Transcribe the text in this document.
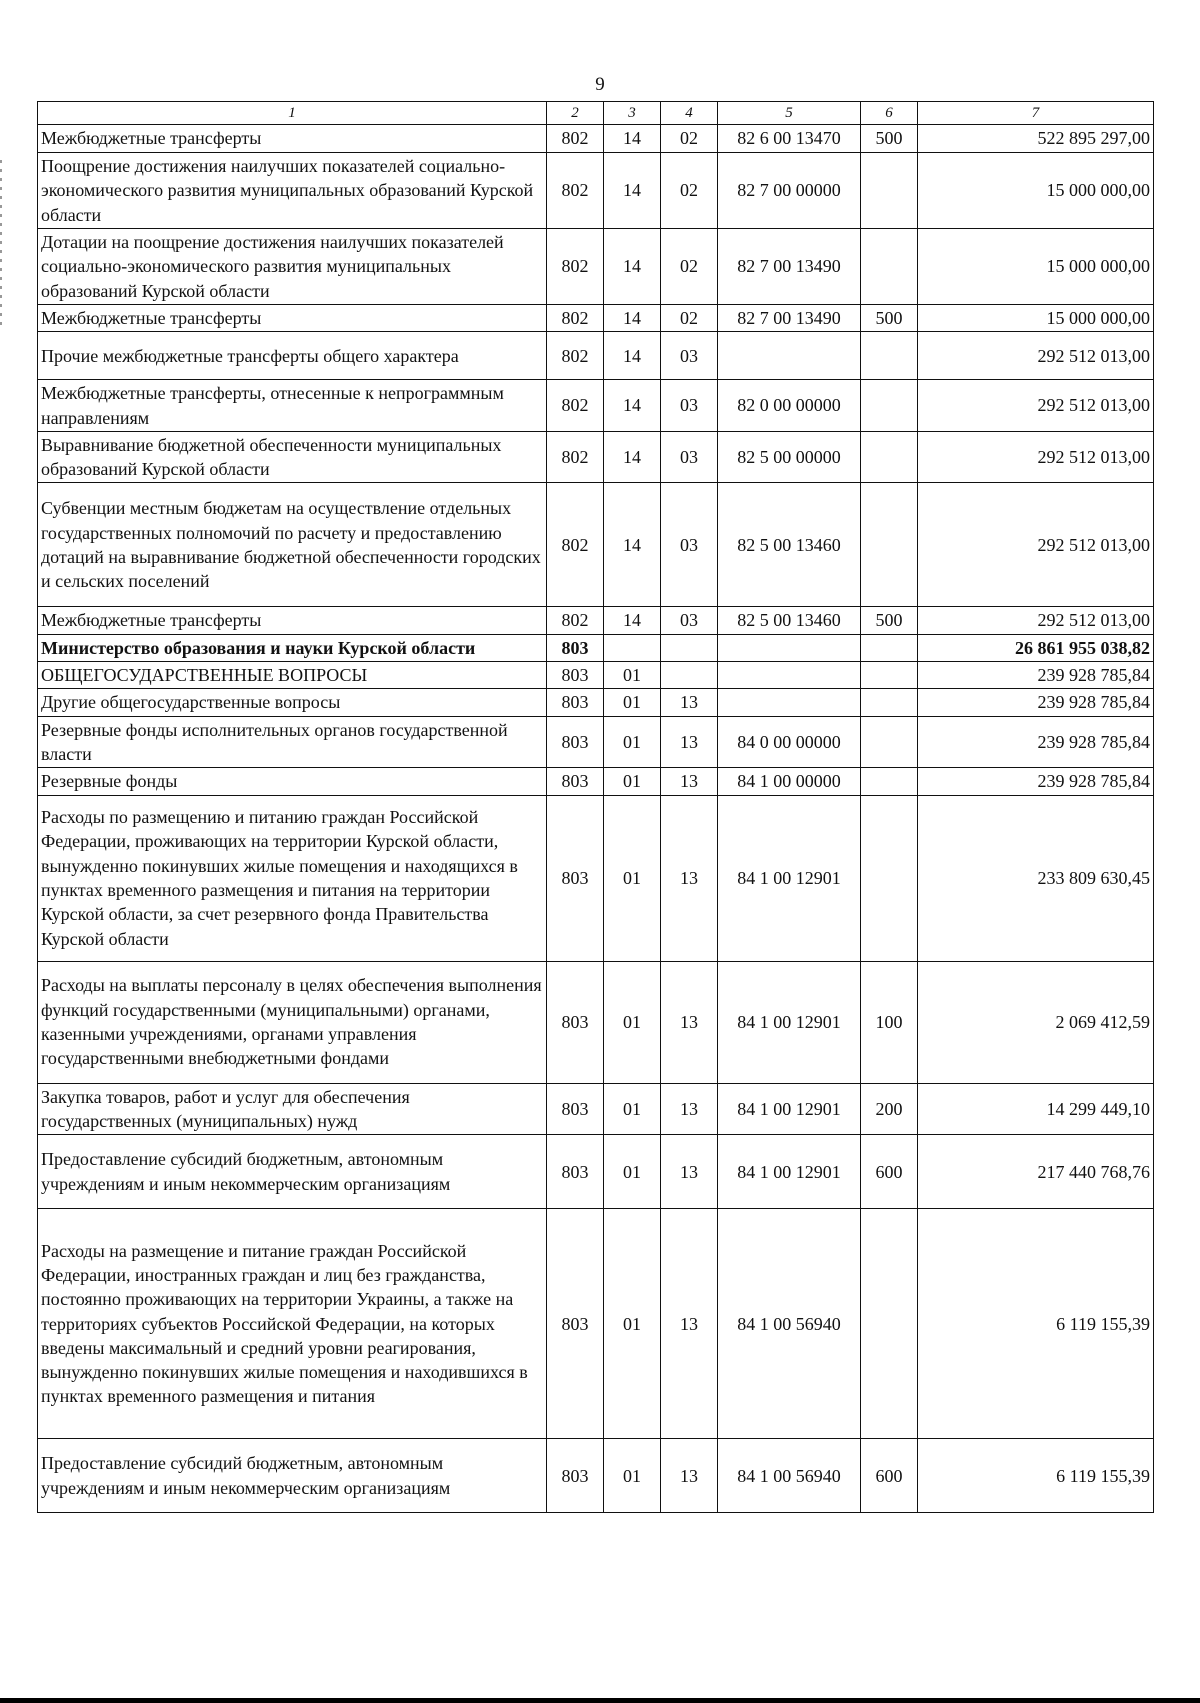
9
1	2	3	4	5	6	7
Межбюджетные трансферты	802	14	02	82 6 00 13470	500	522 895 297,00
Поощрение достижения наилучших показателей социально-экономического развития муниципальных образований Курской области	802	14	02	82 7 00 00000		15 000 000,00
Дотации на поощрение достижения наилучших показателей социально-экономического развития муниципальных образований Курской области	802	14	02	82 7 00 13490		15 000 000,00
Межбюджетные трансферты	802	14	02	82 7 00 13490	500	15 000 000,00
Прочие межбюджетные трансферты общего характера	802	14	03			292 512 013,00
Межбюджетные трансферты, отнесенные к непрограммным направлениям	802	14	03	82 0 00 00000		292 512 013,00
Выравнивание бюджетной обеспеченности муниципальных образований Курской области	802	14	03	82 5 00 00000		292 512 013,00
Субвенции местным бюджетам на осуществление отдельных государственных полномочий по расчету и предоставлению дотаций на выравнивание бюджетной обеспеченности городских и сельских поселений	802	14	03	82 5 00 13460		292 512 013,00
Межбюджетные трансферты	802	14	03	82 5 00 13460	500	292 512 013,00
Министерство образования и науки Курской области	803					26 861 955 038,82
ОБЩЕГОСУДАРСТВЕННЫЕ ВОПРОСЫ	803	01				239 928 785,84
Другие общегосударственные вопросы	803	01	13			239 928 785,84
Резервные фонды исполнительных органов государственной власти	803	01	13	84 0 00 00000		239 928 785,84
Резервные фонды	803	01	13	84 1 00 00000		239 928 785,84
Расходы по размещению и питанию граждан Российской Федерации, проживающих на территории Курской области, вынужденно покинувших жилые помещения и находящихся в пунктах временного размещения и питания на территории Курской области, за счет резервного фонда Правительства Курской области	803	01	13	84 1 00 12901		233 809 630,45
Расходы на выплаты персоналу в целях обеспечения выполнения функций государственными (муниципальными) органами, казенными учреждениями, органами управления государственными внебюджетными фондами	803	01	13	84 1 00 12901	100	2 069 412,59
Закупка товаров, работ и услуг для обеспечения государственных (муниципальных) нужд	803	01	13	84 1 00 12901	200	14 299 449,10
Предоставление субсидий бюджетным, автономным учреждениям и иным некоммерческим организациям	803	01	13	84 1 00 12901	600	217 440 768,76
Расходы на размещение и питание граждан Российской Федерации, иностранных граждан и лиц без гражданства, постоянно проживающих на территории Украины, а также на территориях субъектов Российской Федерации, на которых введены максимальный и средний уровни реагирования, вынужденно покинувших жилые помещения и находившихся в пунктах временного размещения и питания	803	01	13	84 1 00 56940		6 119 155,39
Предоставление субсидий бюджетным, автономным учреждениям и иным некоммерческим организациям	803	01	13	84 1 00 56940	600	6 119 155,39
